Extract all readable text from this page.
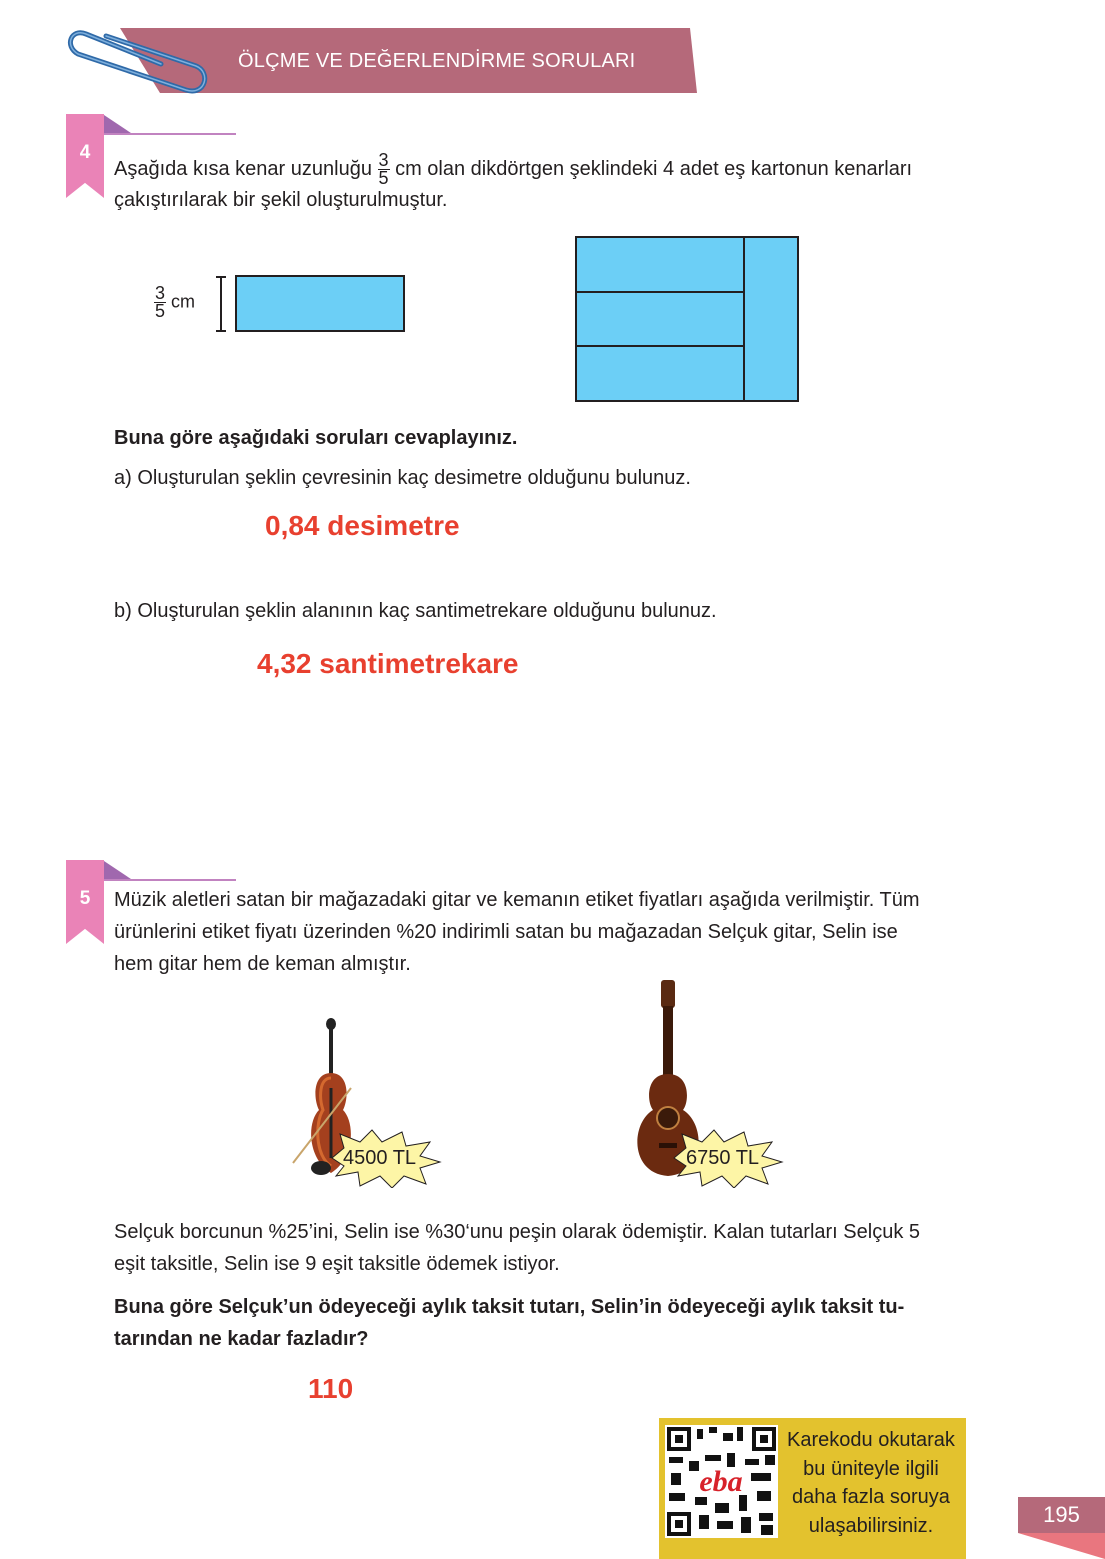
ÖLÇME VE DEĞERLENDİRME SORULARI
4
Aşağıda kısa kenar uzunluğu $\frac{3}{5}$ cm olan dikdörtgen şeklindeki 4 adet eş kartonun kenarları
çakıştırılarak bir şekil oluşturulmuştur.
$\frac{3}{5}$ cm
Buna göre aşağıdaki soruları cevaplayınız.
a) Oluşturulan şeklin çevresinin kaç desimetre olduğunu bulunuz.
0,84 desimetre
b) Oluşturulan şeklin alanının kaç santimetrekare olduğunu bulunuz.
4,32 santimetrekare
5	Müzik aletleri satan bir mağazadaki gitar ve kemanın etiket fiyatları aşağıda verilmiştir. Tüm
ürünlerini etiket fiyatı üzerinden %20 indirimli satan bu mağazadan Selçuk gitar, Selin ise
hem gitar hem de keman almıştır.
4500 TL	6750 TL
Selçuk borcunun %25’ini, Selin ise %30‘unu peşin olarak ödemiştir. Kalan tutarları Selçuk 5
eşit taksitle, Selin ise 9 eşit taksitle ödemek istiyor.
Buna göre Selçuk’un ödeyeceği aylık taksit tutarı, Selin’in ödeyeceği aylık taksit tu-
tarından ne kadar fazladır?
110
eba
Karekodu okutarak
bu üniteyle ilgili
daha fazla soruya
ulaşabilirsiniz.	195
